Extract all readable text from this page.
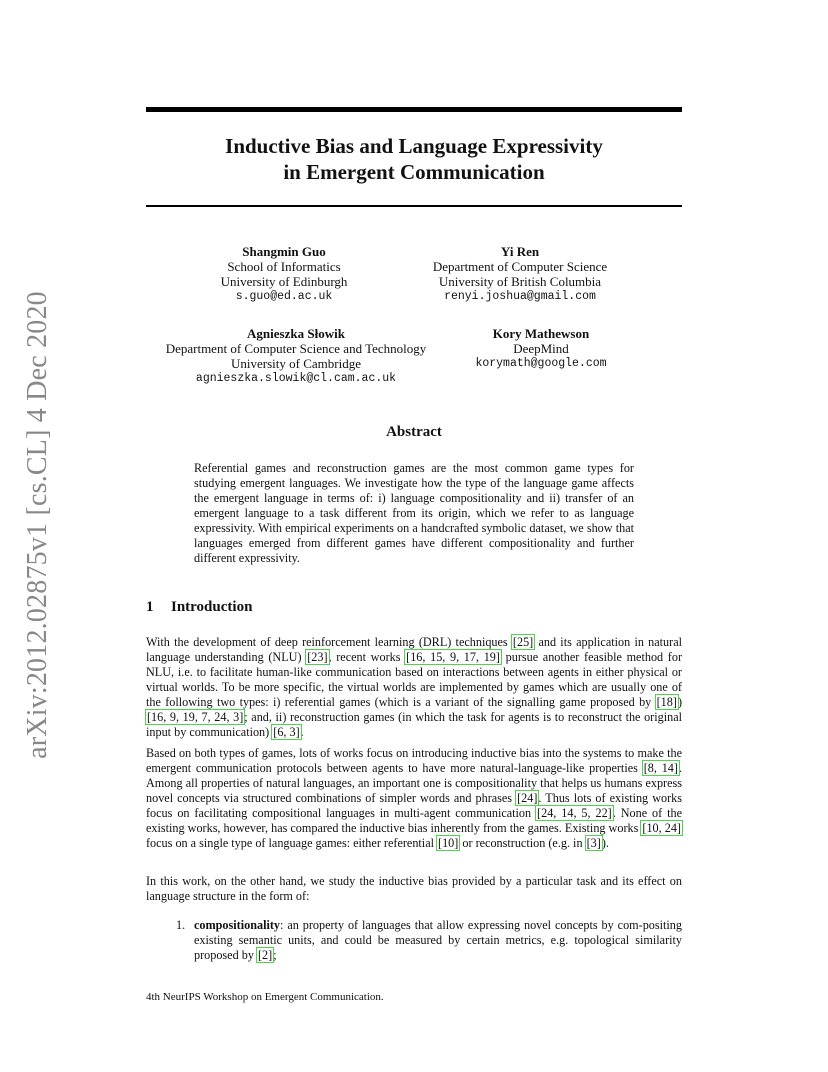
arXiv:2012.02875v1 [cs.CL] 4 Dec 2020
Inductive Bias and Language Expressivity
in Emergent Communication
Shangmin Guo
School of Informatics
University of Edinburgh
s.guo@ed.ac.uk
Yi Ren
Department of Computer Science
University of British Columbia
renyi.joshua@gmail.com
Agnieszka Słowik
Department of Computer Science and Technology
University of Cambridge
agnieszka.slowik@cl.cam.ac.uk
Kory Mathewson
DeepMind
korymath@google.com
Abstract
Referential games and reconstruction games are the most common game types for studying emergent languages. We investigate how the type of the language game affects the emergent language in terms of: i) language compositionality and ii) transfer of an emergent language to a task different from its origin, which we refer to as language expressivity. With empirical experiments on a handcrafted symbolic dataset, we show that languages emerged from different games have different compositionality and further different expressivity.
1 Introduction

With the development of deep reinforcement learning (DRL) techniques [25] and its application in natural language understanding (NLU) [23], recent works [16, 15, 9, 17, 19] pursue another feasible method for NLU, i.e. to facilitate human-like communication based on interactions between agents in either physical or virtual worlds. To be more specific, the virtual worlds are implemented by games which are usually one of the following two types: i) referential games (which is a variant of the signalling game proposed by [18]) [16, 9, 19, 7, 24, 3]; and, ii) reconstruction games (in which the task for agents is to reconstruct the original input by communication) [6, 3].

Based on both types of games, lots of works focus on introducing inductive bias into the systems to make the emergent communication protocols between agents to have more natural-language-like properties [8, 14]. Among all properties of natural languages, an important one is compositionality that helps us humans express novel concepts via structured combinations of simpler words and phrases [24]. Thus lots of existing works focus on facilitating compositional languages in multi-agent communication [24, 14, 5, 22]. None of the existing works, however, has compared the inductive bias inherently from the games. Existing works [10, 24] focus on a single type of language games: either referential [10] or reconstruction (e.g. in [3]).

In this work, on the other hand, we study the inductive bias provided by a particular task and its effect on language structure in the form of:

1. compositionality: an property of languages that allow expressing novel concepts by com-positing existing semantic units, and could be measured by certain metrics, e.g. topological similarity proposed by [2];
4th NeurIPS Workshop on Emergent Communication.
